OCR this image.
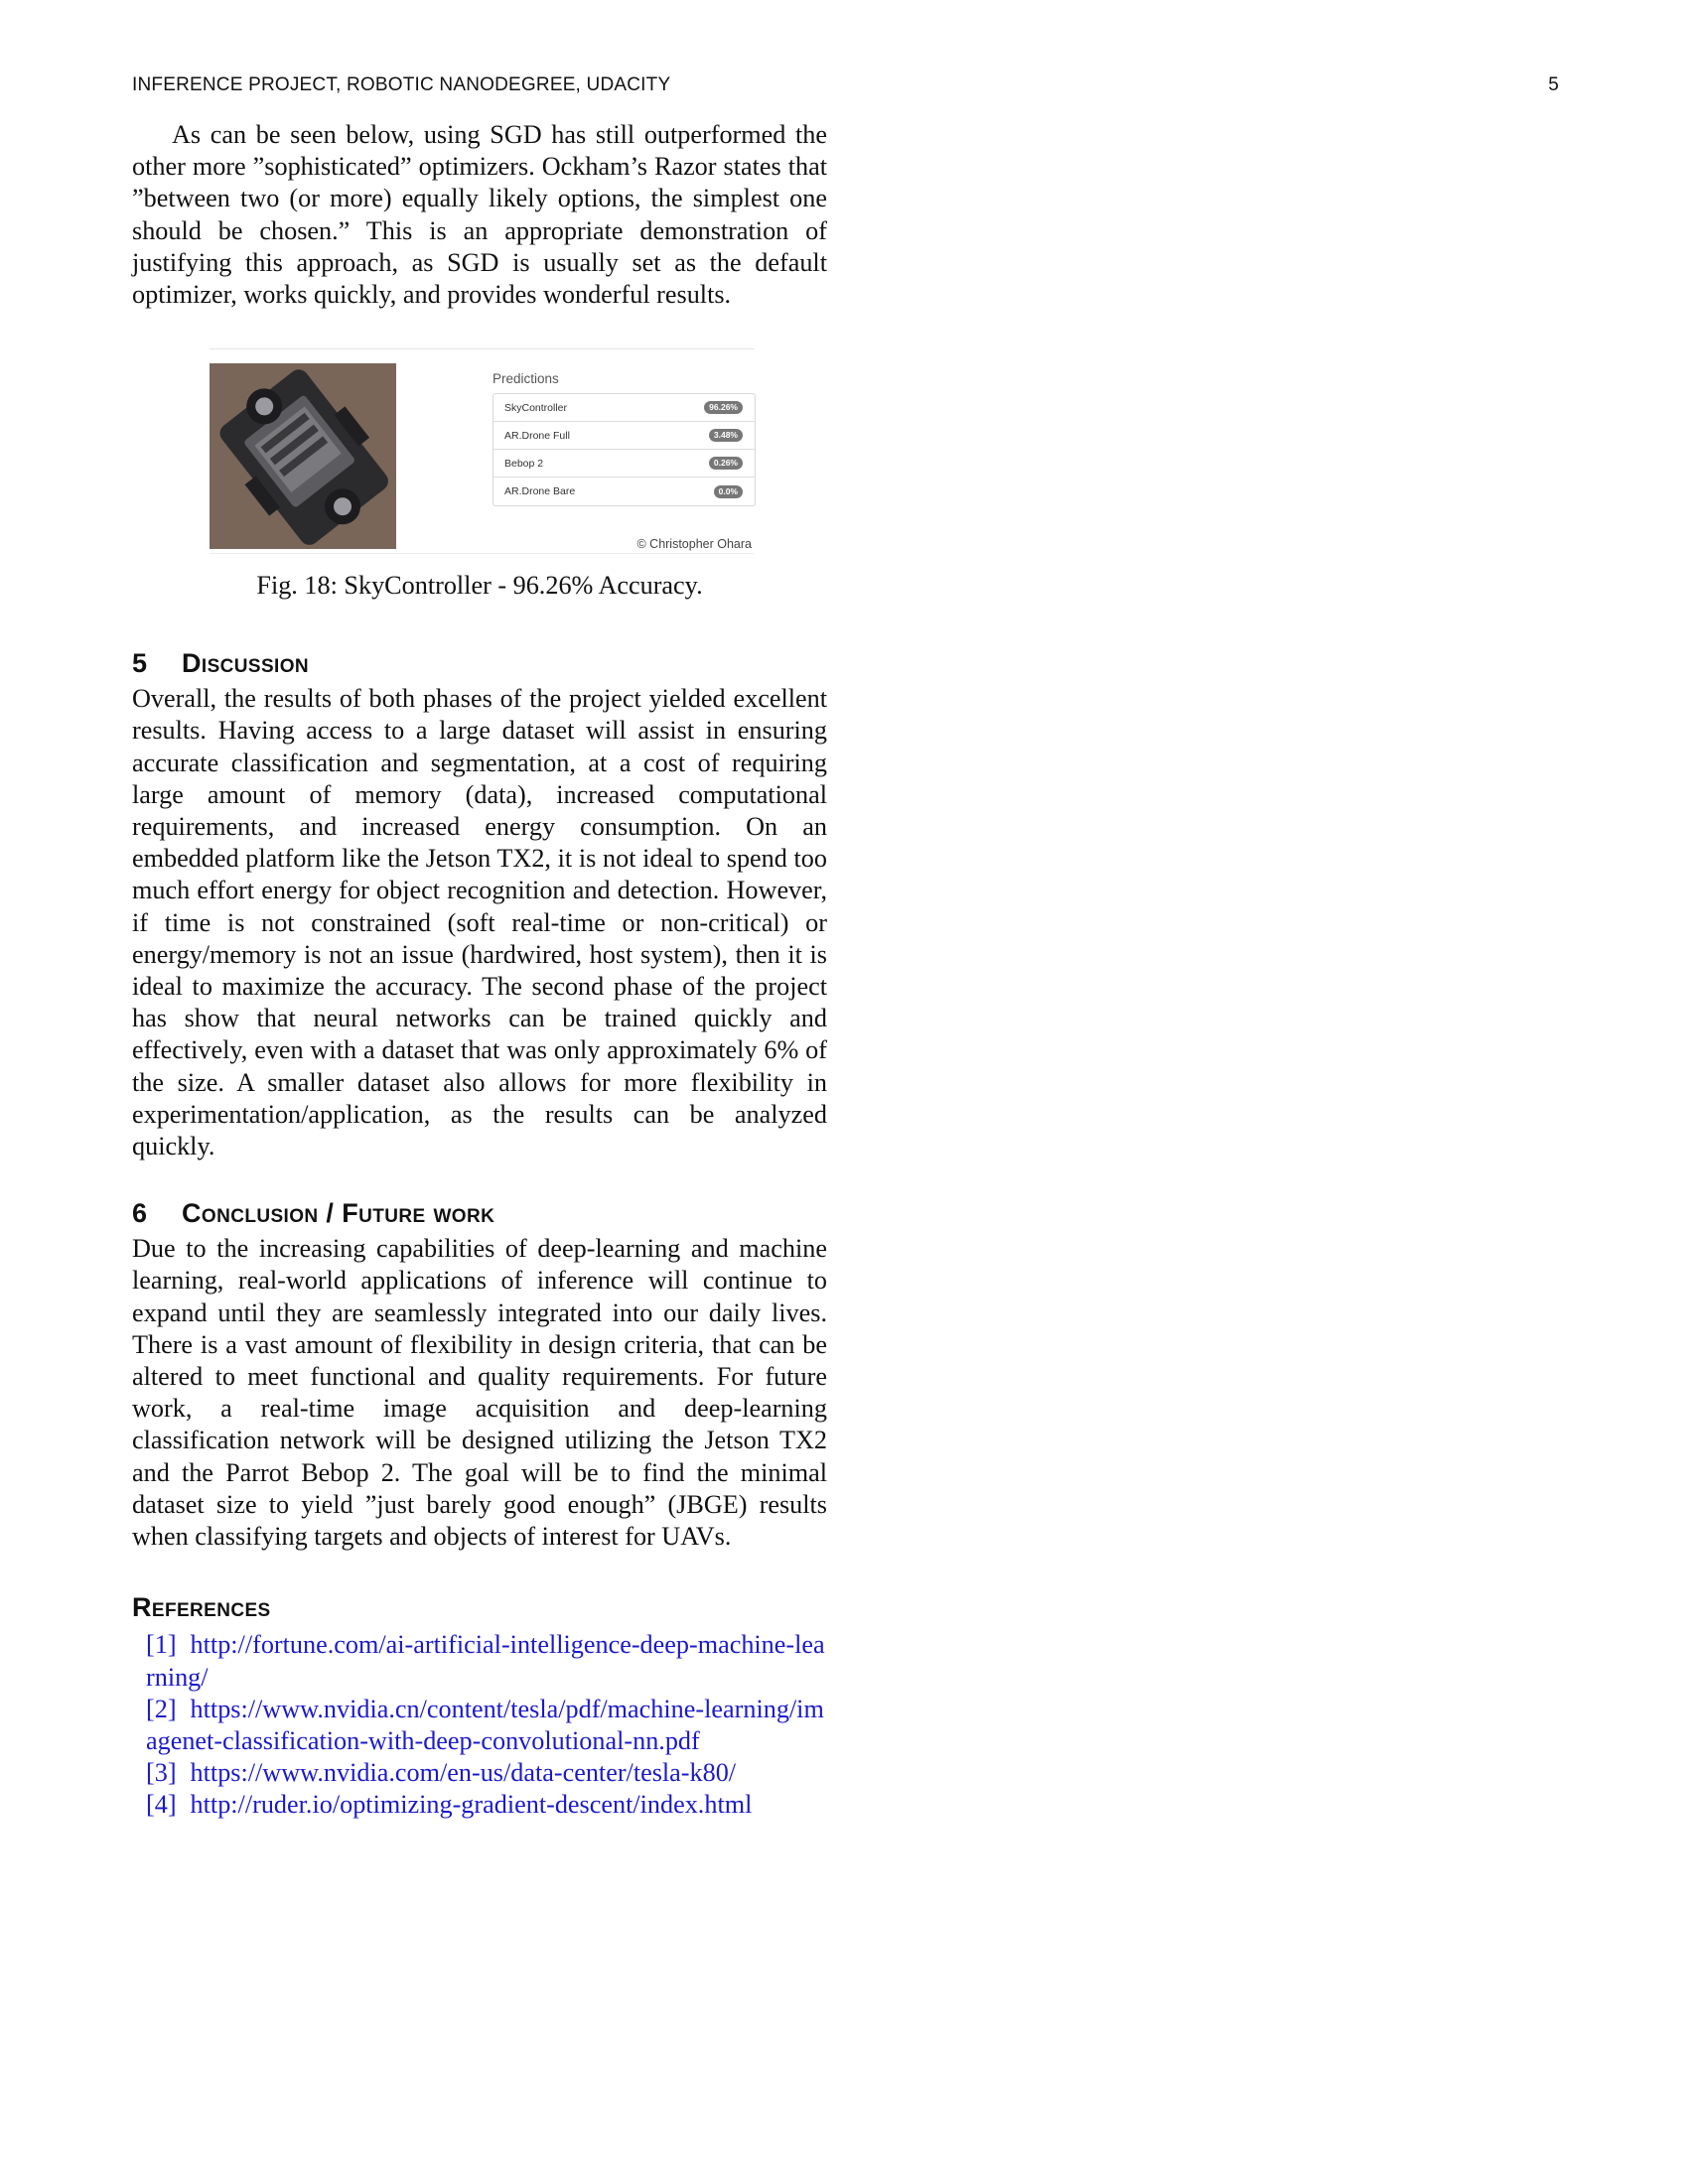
INFERENCE PROJECT, ROBOTIC NANODEGREE, UDACITY	5

As can be seen below, using SGD has still outperformed the other more ”sophisticated” optimizers. Ockham’s Razor states that ”between two (or more) equally likely options, the simplest one should be chosen.” This is an appropriate demonstration of justifying this approach, as SGD is usually set as the default optimizer, works quickly, and provides wonderful results.

Predictions
SkyController	96.26%
AR.Drone Full	3.48%
Bebop 2	0.26%
AR.Drone Bare	0.0%
© Christopher Ohara

Fig. 18: SkyController - 96.26% Accuracy.

5 Discussion

Overall, the results of both phases of the project yielded excellent results. Having access to a large dataset will assist in ensuring accurate classification and segmentation, at a cost of requiring large amount of memory (data), increased computational requirements, and increased energy consumption. On an embedded platform like the Jetson TX2, it is not ideal to spend too much effort energy for object recognition and detection. However, if time is not constrained (soft real-time or non-critical) or energy/memory is not an issue (hardwired, host system), then it is ideal to maximize the accuracy. The second phase of the project has show that neural networks can be trained quickly and effectively, even with a dataset that was only approximately 6% of the size. A smaller dataset also allows for more flexibility in experimentation/application, as the results can be analyzed quickly.

6 Conclusion / Future work

Due to the increasing capabilities of deep-learning and machine learning, real-world applications of inference will continue to expand until they are seamlessly integrated into our daily lives. There is a vast amount of flexibility in design criteria, that can be altered to meet functional and quality requirements. For future work, a real-time image acquisition and deep-learning classification network will be designed utilizing the Jetson TX2 and the Parrot Bebop 2. The goal will be to find the minimal dataset size to yield ”just barely good enough” (JBGE) results when classifying targets and objects of interest for UAVs.

References
[1] http://fortune.com/ai-artificial-intelligence-deep-machine-learning/
[2] https://www.nvidia.cn/content/tesla/pdf/machine-learning/imagenet-classification-with-deep-convolutional-nn.pdf
[3] https://www.nvidia.com/en-us/data-center/tesla-k80/
[4] http://ruder.io/optimizing-gradient-descent/index.html
